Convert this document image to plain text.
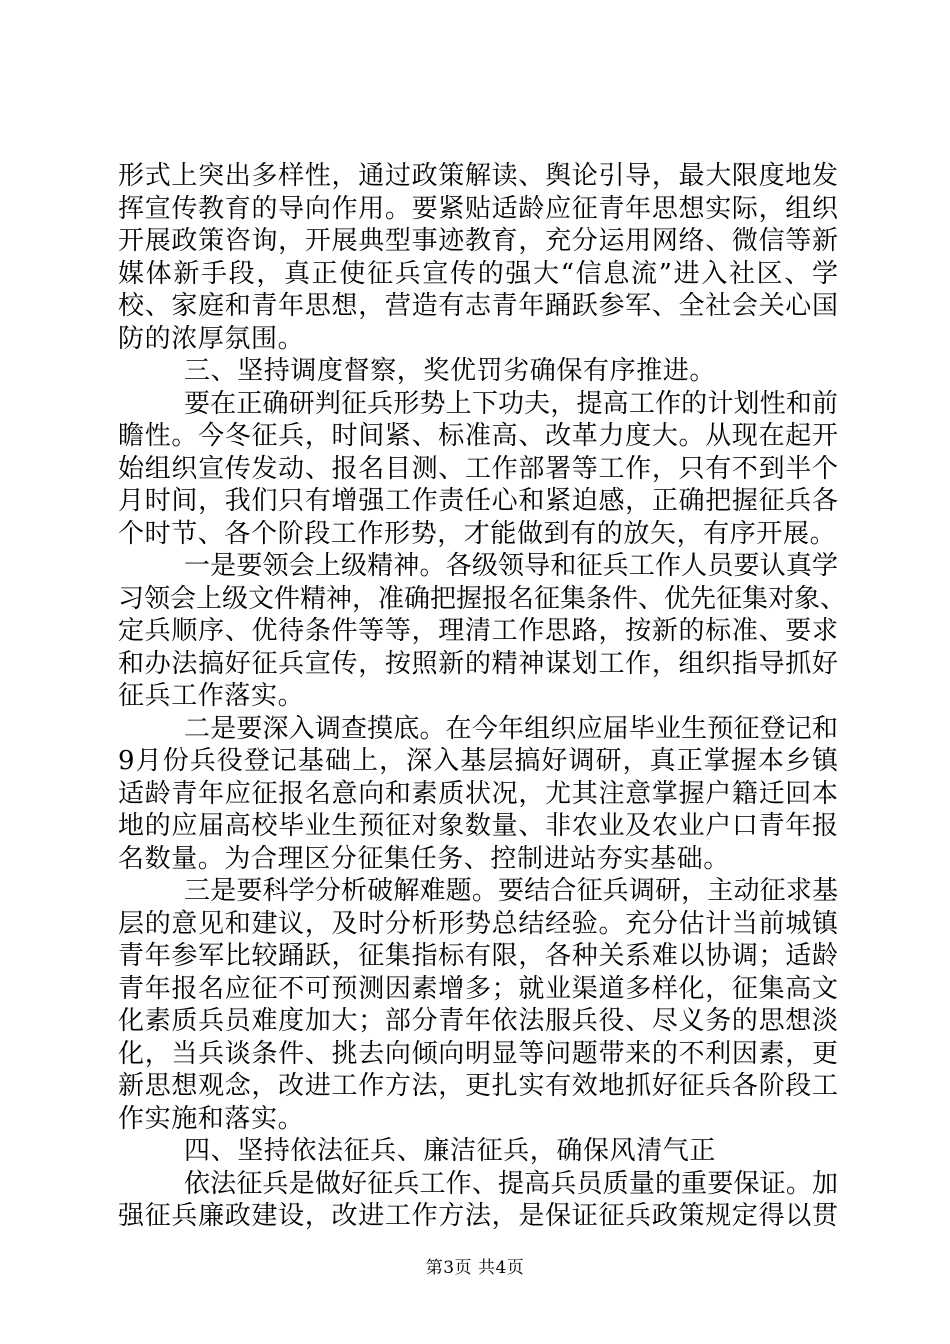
形式上突出多样性，通过政策解读、舆论引导，最大限度地发
挥宣传教育的导向作用。要紧贴适龄应征青年思想实际，组织
开展政策咨询，开展典型事迹教育，充分运用网络、微信等新
媒体新手段，真正使征兵宣传的强大“信息流”进入社区、学
校、家庭和青年思想，营造有志青年踊跃参军、全社会关心国
防的浓厚氛围。
三、坚持调度督察，奖优罚劣确保有序推进。
要在正确研判征兵形势上下功夫，提高工作的计划性和前
瞻性。今冬征兵，时间紧、标准高、改革力度大。从现在起开
始组织宣传发动、报名目测、工作部署等工作，只有不到半个
月时间，我们只有增强工作责任心和紧迫感，正确把握征兵各
个时节、各个阶段工作形势，才能做到有的放矢，有序开展。
一是要领会上级精神。各级领导和征兵工作人员要认真学
习领会上级文件精神，准确把握报名征集条件、优先征集对象、
定兵顺序、优待条件等等，理清工作思路，按新的标准、要求
和办法搞好征兵宣传，按照新的精神谋划工作，组织指导抓好
征兵工作落实。
二是要深入调查摸底。在今年组织应届毕业生预征登记和
9月份兵役登记基础上，深入基层搞好调研，真正掌握本乡镇
适龄青年应征报名意向和素质状况，尤其注意掌握户籍迁回本
地的应届高校毕业生预征对象数量、非农业及农业户口青年报
名数量。为合理区分征集任务、控制进站夯实基础。
三是要科学分析破解难题。要结合征兵调研，主动征求基
层的意见和建议，及时分析形势总结经验。充分估计当前城镇
青年参军比较踊跃，征集指标有限，各种关系难以协调；适龄
青年报名应征不可预测因素增多；就业渠道多样化，征集高文
化素质兵员难度加大；部分青年依法服兵役、尽义务的思想淡
化，当兵谈条件、挑去向倾向明显等问题带来的不利因素，更
新思想观念，改进工作方法，更扎实有效地抓好征兵各阶段工
作实施和落实。
四、坚持依法征兵、廉洁征兵，确保风清气正
依法征兵是做好征兵工作、提高兵员质量的重要保证。加
强征兵廉政建设，改进工作方法，是保证征兵政策规定得以贯
第3页 共4页
